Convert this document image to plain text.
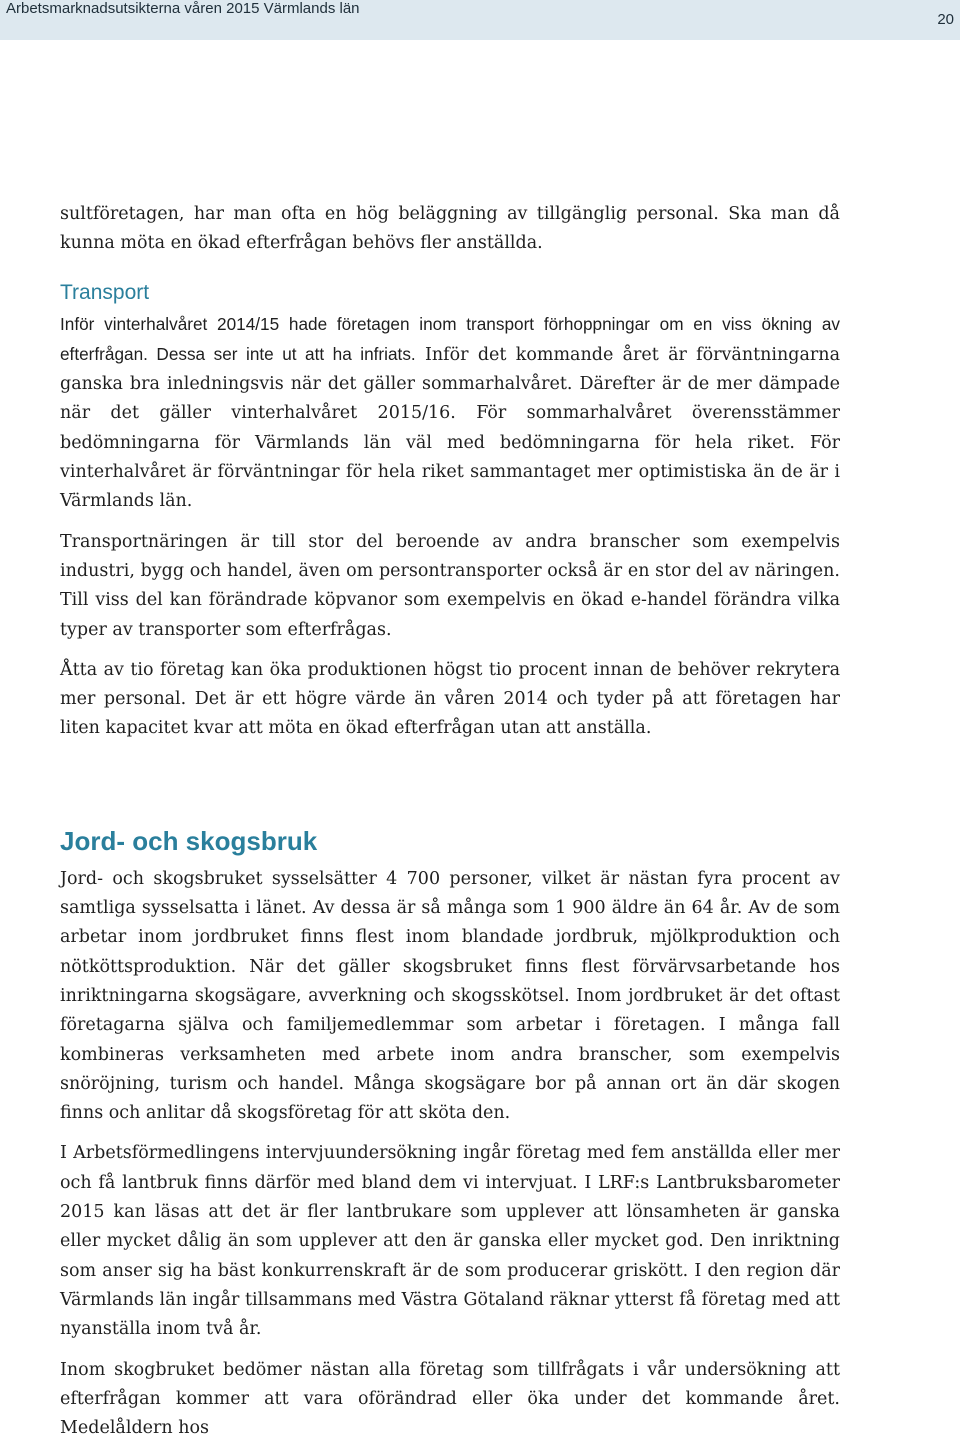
Arbetsmarknadsutsikterna våren 2015 Värmlands län
20

sultföretagen, har man ofta en hög beläggning av tillgänglig personal. Ska man då kunna möta en ökad efterfrågan behövs fler anställda.

Transport

Inför vinterhalvåret 2014/15 hade företagen inom transport förhoppningar om en viss ökning av efterfrågan. Dessa ser inte ut att ha infriats. Inför det kommande året är förväntningarna ganska bra inledningsvis när det gäller sommarhalvåret. Därefter är de mer dämpade när det gäller vinterhalvåret 2015/16. För sommarhalvåret överensstämmer bedömningarna för Värmlands län väl med bedömningarna för hela riket. För vinterhalvåret är förväntningar för hela riket sammantaget mer optimistiska än de är i Värmlands län.

Transportnäringen är till stor del beroende av andra branscher som exempelvis industri, bygg och handel, även om persontransporter också är en stor del av näringen. Till viss del kan förändrade köpvanor som exempelvis en ökad e-handel förändra vilka typer av transporter som efterfrågas.

Åtta av tio företag kan öka produktionen högst tio procent innan de behöver rekrytera mer personal. Det är ett högre värde än våren 2014 och tyder på att företagen har liten kapacitet kvar att möta en ökad efterfrågan utan att anställa.

Jord- och skogsbruk

Jord- och skogsbruket sysselsätter 4 700 personer, vilket är nästan fyra procent av samtliga sysselsatta i länet. Av dessa är så många som 1 900 äldre än 64 år. Av de som arbetar inom jordbruket finns flest inom blandade jordbruk, mjölkproduktion och nötköttsproduktion. När det gäller skogsbruket finns flest förvärvsarbetande hos inriktningarna skogsägare, avverkning och skogsskötsel. Inom jordbruket är det oftast företagarna själva och familjemedlemmar som arbetar i företagen. I många fall kombineras verksamheten med arbete inom andra branscher, som exempelvis snöröjning, turism och handel. Många skogsägare bor på annan ort än där skogen finns och anlitar då skogsföretag för att sköta den.

I Arbetsförmedlingens intervjuundersökning ingår företag med fem anställda eller mer och få lantbruk finns därför med bland dem vi intervjuat. I LRF:s Lantbruksbarometer 2015 kan läsas att det är fler lantbrukare som upplever att lönsamheten är ganska eller mycket dålig än som upplever att den är ganska eller mycket god. Den inriktning som anser sig ha bäst konkurrenskraft är de som producerar griskött. I den region där Värmlands län ingår tillsammans med Västra Götaland räknar ytterst få företag med att nyanställa inom två år.

Inom skogbruket bedömer nästan alla företag som tillfrågats i vår undersökning att efterfrågan kommer att vara oförändrad eller öka under det kommande året. Medelåldern hos
